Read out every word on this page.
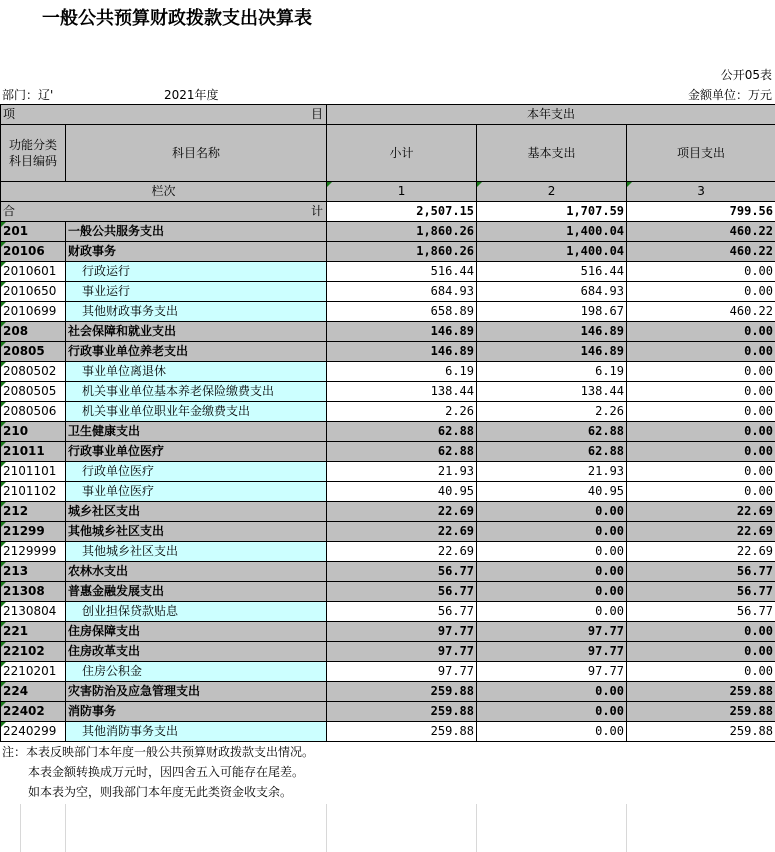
一般公共预算财政拨款支出决算表
公开05表
部门：辽'	2021年度	金额单位：万元
项 目		本年支出		
功能分类
科目编码	科目名称	小计	基本支出	项目支出
栏次		1	2	3
合 计		2,507.15	1,707.59	799.56
201	一般公共服务支出	1,860.26	1,400.04	460.22
20106	财政事务	1,860.26	1,400.04	460.22
2010601	行政运行	516.44	516.44	0.00
2010650	事业运行	684.93	684.93	0.00
2010699	其他财政事务支出	658.89	198.67	460.22
208	社会保障和就业支出	146.89	146.89	0.00
20805	行政事业单位养老支出	146.89	146.89	0.00
2080502	事业单位离退休	6.19	6.19	0.00
2080505	机关事业单位基本养老保险缴费支出	138.44	138.44	0.00
2080506	机关事业单位职业年金缴费支出	2.26	2.26	0.00
210	卫生健康支出	62.88	62.88	0.00
21011	行政事业单位医疗	62.88	62.88	0.00
2101101	行政单位医疗	21.93	21.93	0.00
2101102	事业单位医疗	40.95	40.95	0.00
212	城乡社区支出	22.69	0.00	22.69
21299	其他城乡社区支出	22.69	0.00	22.69
2129999	其他城乡社区支出	22.69	0.00	22.69
213	农林水支出	56.77	0.00	56.77
21308	普惠金融发展支出	56.77	0.00	56.77
2130804	创业担保贷款贴息	56.77	0.00	56.77
221	住房保障支出	97.77	97.77	0.00
22102	住房改革支出	97.77	97.77	0.00
2210201	住房公积金	97.77	97.77	0.00
224	灾害防治及应急管理支出	259.88	0.00	259.88
22402	消防事务	259.88	0.00	259.88
2240299	其他消防事务支出	259.88	0.00	259.88
注：本表反映部门本年度一般公共预算财政拨款支出情况。
本表金额转换成万元时，因四舍五入可能存在尾差。
如本表为空，则我部门本年度无此类资金收支余。
